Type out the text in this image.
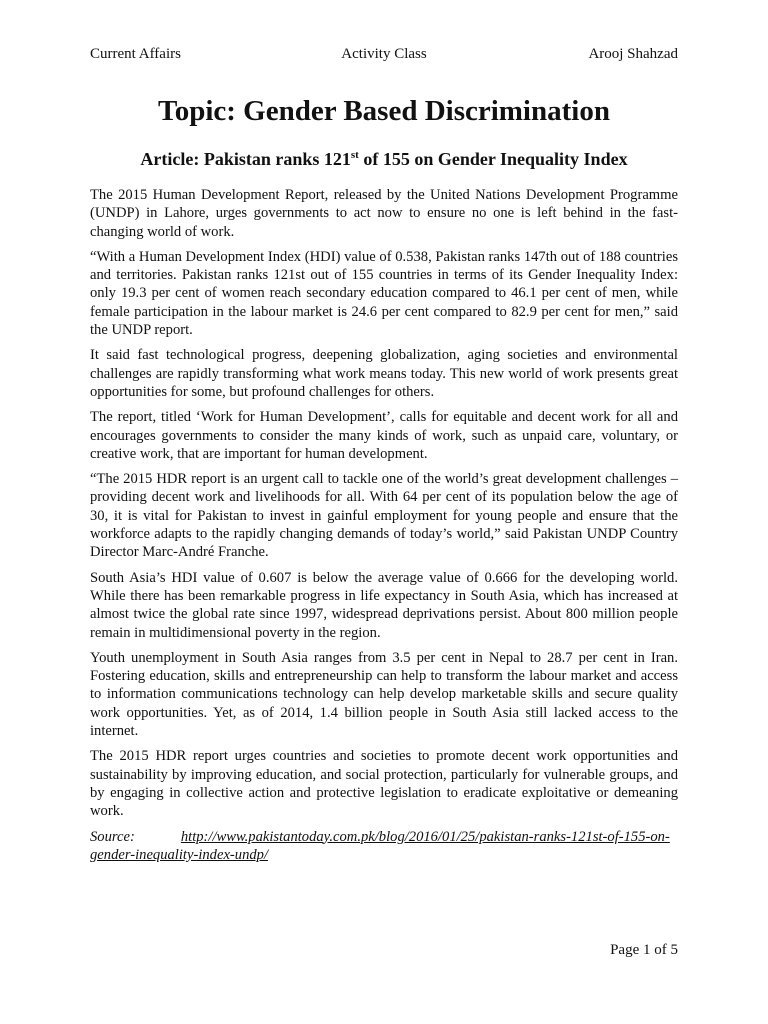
Current Affairs	Activity Class	Arooj Shahzad
Topic: Gender Based Discrimination
Article: Pakistan ranks 121st of 155 on Gender Inequality Index

The 2015 Human Development Report, released by the United Nations Development Programme (UNDP) in Lahore, urges governments to act now to ensure no one is left behind in the fast-changing world of work.

“With a Human Development Index (HDI) value of 0.538, Pakistan ranks 147th out of 188 countries and territories. Pakistan ranks 121st out of 155 countries in terms of its Gender Inequality Index: only 19.3 per cent of women reach secondary education compared to 46.1 per cent of men, while female participation in the labour market is 24.6 per cent compared to 82.9 per cent for men,” said the UNDP report.

It said fast technological progress, deepening globalization, aging societies and environmental challenges are rapidly transforming what work means today. This new world of work presents great opportunities for some, but profound challenges for others.

The report, titled ‘Work for Human Development’, calls for equitable and decent work for all and encourages governments to consider the many kinds of work, such as unpaid care, voluntary, or creative work, that are important for human development.

“The 2015 HDR report is an urgent call to tackle one of the world’s great development challenges – providing decent work and livelihoods for all. With 64 per cent of its population below the age of 30, it is vital for Pakistan to invest in gainful employment for young people and ensure that the workforce adapts to the rapidly changing demands of today’s world,” said Pakistan UNDP Country Director Marc-André Franche.

South Asia’s HDI value of 0.607 is below the average value of 0.666 for the developing world. While there has been remarkable progress in life expectancy in South Asia, which has increased at almost twice the global rate since 1997, widespread deprivations persist. About 800 million people remain in multidimensional poverty in the region.

Youth unemployment in South Asia ranges from 3.5 per cent in Nepal to 28.7 per cent in Iran. Fostering education, skills and entrepreneurship can help to transform the labour market and access to information communications technology can help develop marketable skills and secure quality work opportunities. Yet, as of 2014, 1.4 billion people in South Asia still lacked access to the internet.

The 2015 HDR report urges countries and societies to promote decent work opportunities and sustainability by improving education, and social protection, particularly for vulnerable groups, and by engaging in collective action and protective legislation to eradicate exploitative or demeaning work.

Source:	http://www.pakistantoday.com.pk/blog/2016/01/25/pakistan-ranks-121st-of-155-on-gender-inequality-index-undp/
Page 1 of 5
